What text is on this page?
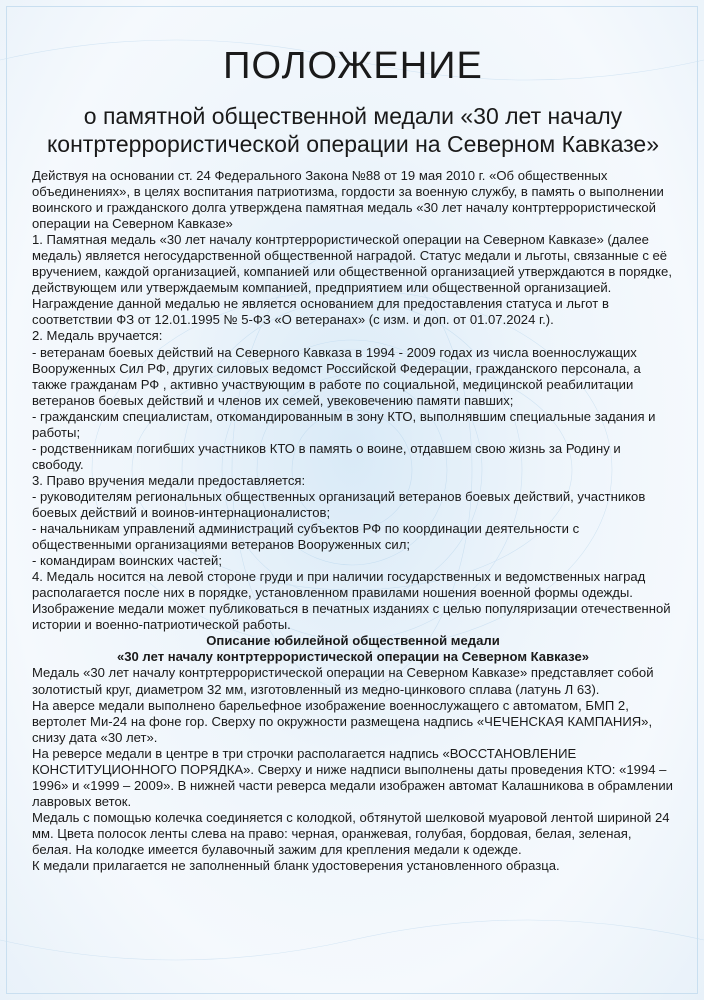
ПОЛОЖЕНИЕ
о памятной общественной медали «30 лет началу
контртеррористической операции на Северном Кавказе»

Действуя на основании ст. 24 Федерального Закона №88 от 19 мая 2010 г. «Об общественных объединениях», в целях воспитания патриотизма, гордости за военную службу, в память о выполнении воинского и гражданского долга утверждена памятная медаль «30 лет началу контртеррористической операции на Северном Кавказе»

1. Памятная медаль «30 лет началу контртеррористической операции на Северном Кавказе» (далее медаль) является негосударственной общественной наградой. Статус медали и льготы, связанные с её вручением, каждой организацией, компанией или общественной организацией утверждаются в порядке, действующем или утверждаемым компанией, предприятием или общественной организацией. Награждение данной медалью не является основанием для предоставления статуса и льгот в соответствии ФЗ от 12.01.1995 № 5-ФЗ «О ветеранах» (с изм. и доп. от 01.07.2024 г.).

2. Медаль вручается:

- ветеранам боевых действий на Северного Кавказа в 1994 - 2009 годах из числа военнослужащих Вооруженных Сил РФ, других силовых ведомст Российской Федерации, гражданского персонала, а также гражданам РФ , активно участвующим в работе по социальной, медицинской реабилитации ветеранов боевых действий и членов их семей, увековечению памяти павших;

- гражданским специалистам, откомандированным в зону КТО, выполнявшим специальные задания и работы;

- родственникам погибших участников КТО в память о воине, отдавшем свою жизнь за Родину и свободу.

3. Право вручения медали предоставляется:

- руководителям региональных общественных организаций ветеранов боевых действий, участников боевых действий и воинов-интернационалистов;

- начальникам управлений администраций субъектов РФ по координации деятельности с общественными организациями ветеранов Вооруженных сил;

- командирам воинских частей;

4. Медаль носится на левой стороне груди и при наличии государственных и ведомственных наград располагается после них в порядке, установленном правилами ношения военной формы одежды.

Изображение медали может публиковаться в печатных изданиях с целью популяризации отечественной истории и военно-патриотической работы.

Описание юбилейной общественной медали
«30 лет началу контртеррористической операции на Северном Кавказе»

Медаль «30 лет началу контртеррористической операции на Северном Кавказе» представляет собой золотистый круг, диаметром 32 мм, изготовленный из медно-цинкового сплава (латунь Л 63).

На аверсе медали выполнено барельефное изображение военнослужащего с автоматом, БМП 2, вертолет Ми-24 на фоне гор. Сверху по окружности размещена надпись «ЧЕЧЕНСКАЯ КАМПАНИЯ», снизу дата «30 лет».

На реверсе медали в центре в три строчки располагается надпись «ВОССТАНОВЛЕНИЕ КОНСТИТУЦИОННОГО ПОРЯДКА». Сверху и ниже надписи выполнены даты проведения КТО: «1994 – 1996» и «1999 – 2009». В нижней части реверса медали изображен автомат Калашникова в обрамлении лавровых веток.

Медаль с помощью колечка соединяется с колодкой, обтянутой шелковой муаровой лентой шириной 24 мм. Цвета полосок ленты слева на право: черная, оранжевая, голубая, бордовая, белая, зеленая, белая. На колодке имеется булавочный зажим для крепления медали к одежде.

К медали прилагается не заполненный бланк удостоверения установленного образца.
